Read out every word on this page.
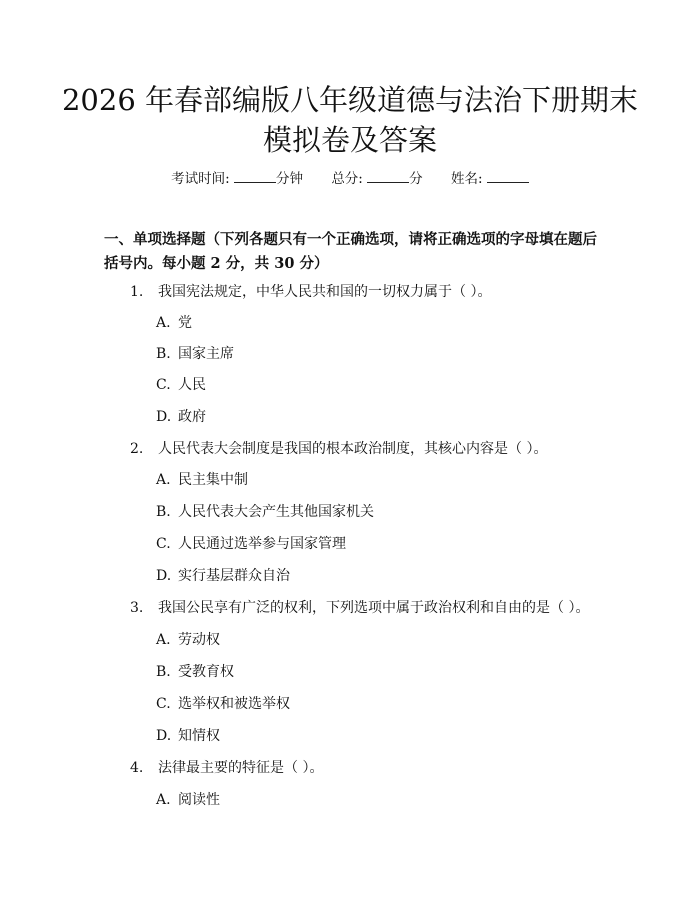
2026 年春部编版八年级道德与法治下册期末
模拟卷及答案
考试时间:	分钟 总分:	分 姓名:
一、单项选择题（下列各题只有一个正确选项，请将正确选项的字母填在题后括号内。每小题 2 分，共 30 分）
1. 我国宪法规定，中华人民共和国的一切权力属于（ ）。
A. 党
B. 国家主席
C. 人民
D. 政府
2. 人民代表大会制度是我国的根本政治制度，其核心内容是（ ）。
A. 民主集中制
B. 人民代表大会产生其他国家机关
C. 人民通过选举参与国家管理
D. 实行基层群众自治
3. 我国公民享有广泛的权利，下列选项中属于政治权利和自由的是（ ）。
A. 劳动权
B. 受教育权
C. 选举权和被选举权
D. 知情权
4. 法律最主要的特征是（ ）。
A. 阅读性
